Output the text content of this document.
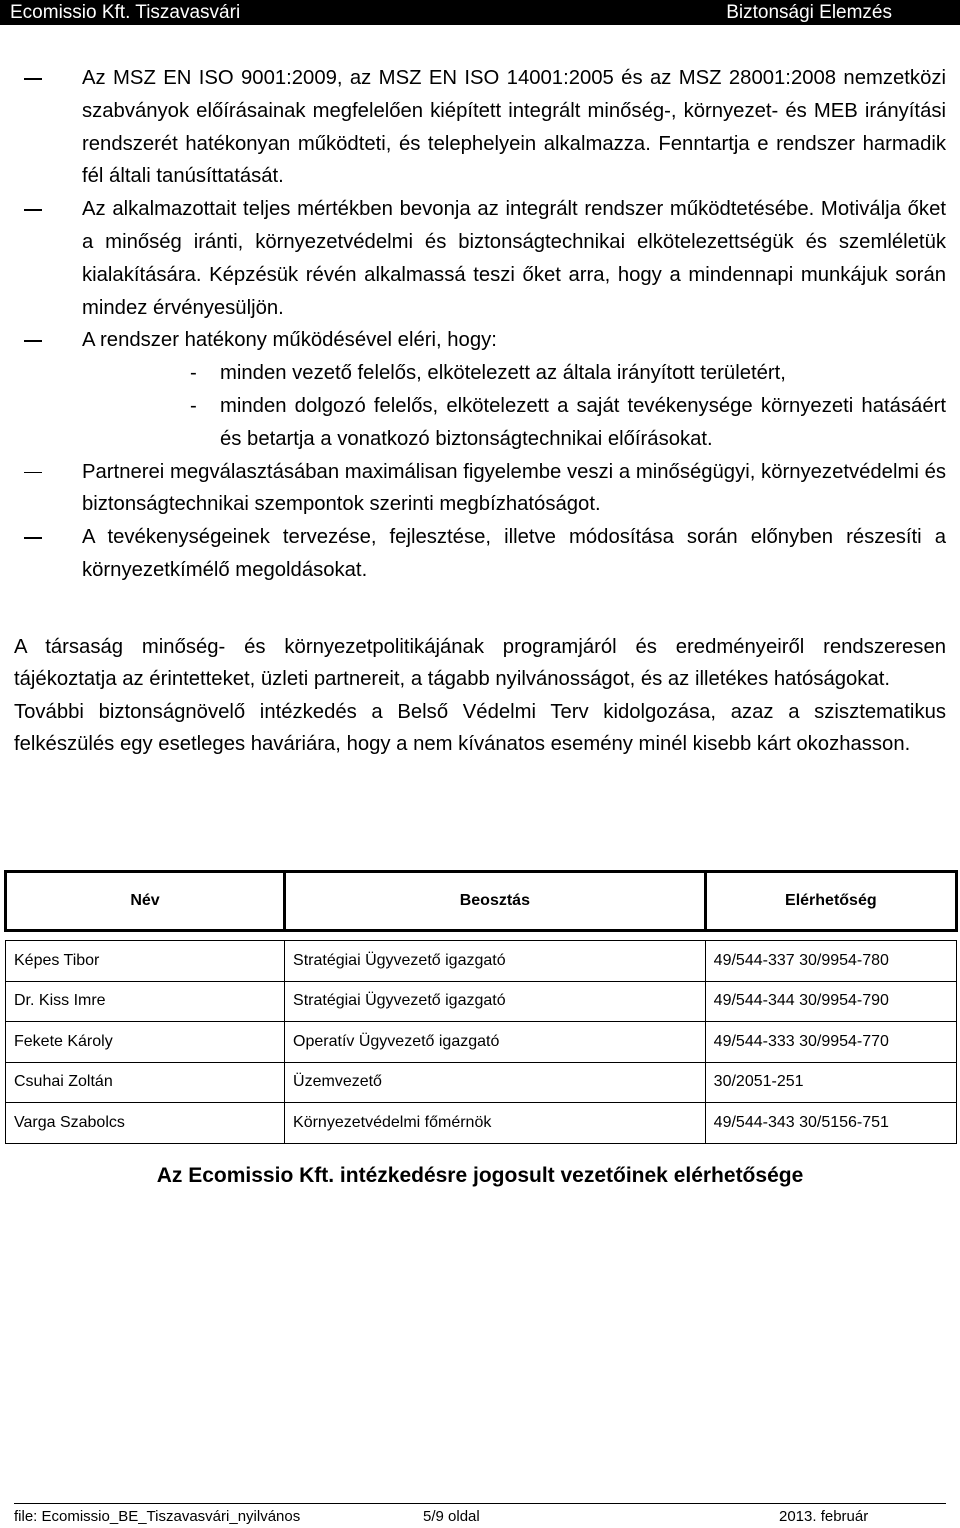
Ecomissio Kft. Tiszavasvári	Biztonsági Elemzés
Az MSZ EN ISO 9001:2009, az MSZ EN ISO 14001:2005 és az MSZ 28001:2008 nemzetközi szabványok előírásainak megfelelően kiépített integrált minőség-, környezet- és MEB irányítási rendszerét hatékonyan működteti, és telephelyein alkalmazza. Fenntartja e rendszer harmadik fél általi tanúsíttatását.
Az alkalmazottait teljes mértékben bevonja az integrált rendszer működtetésébe. Motiválja őket a minőség iránti, környezetvédelmi és biztonságtechnikai elkötelezettségük és szemléletük kialakítására. Képzésük révén alkalmassá teszi őket arra, hogy a mindennapi munkájuk során mindez érvényesüljön.
A rendszer hatékony működésével eléri, hogy:
- minden vezető felelős, elkötelezett az általa irányított területért,
- minden dolgozó felelős, elkötelezett a saját tevékenysége környezeti hatásáért és betartja a vonatkozó biztonságtechnikai előírásokat.
Partnerei megválasztásában maximálisan figyelembe veszi a minőségügyi, környezetvédelmi és biztonságtechnikai szempontok szerinti megbízhatóságot.
A tevékenységeinek tervezése, fejlesztése, illetve módosítása során előnyben részesíti a környezetkímélő megoldásokat.

A társaság minőség- és környezetpolitikájának programjáról és eredményeiről rendszeresen tájékoztatja az érintetteket, üzleti partnereit, a tágabb nyilvánosságot, és az illetékes hatóságokat.

További biztonságnövelő intézkedés a Belső Védelmi Terv kidolgozása, azaz a szisztematikus felkészülés egy esetleges haváriára, hogy a nem kívánatos esemény minél kisebb kárt okozhasson.

Név	Beosztás	Elérhetőség

Képes Tibor	Stratégiai Ügyvezető igazgató	49/544-337 30/9954-780
Dr. Kiss Imre	Stratégiai Ügyvezető igazgató	49/544-344 30/9954-790
Fekete Károly	Operatív Ügyvezető igazgató	49/544-333 30/9954-770
Csuhai Zoltán	Üzemvezető	30/2051-251
Varga Szabolcs	Környezetvédelmi főmérnök	49/544-343 30/5156-751
Az Ecomissio Kft. intézkedésre jogosult vezetőinek elérhetősége
file: Ecomissio_BE_Tiszavasvári_nyilvános	5/9 oldal	2013. február
